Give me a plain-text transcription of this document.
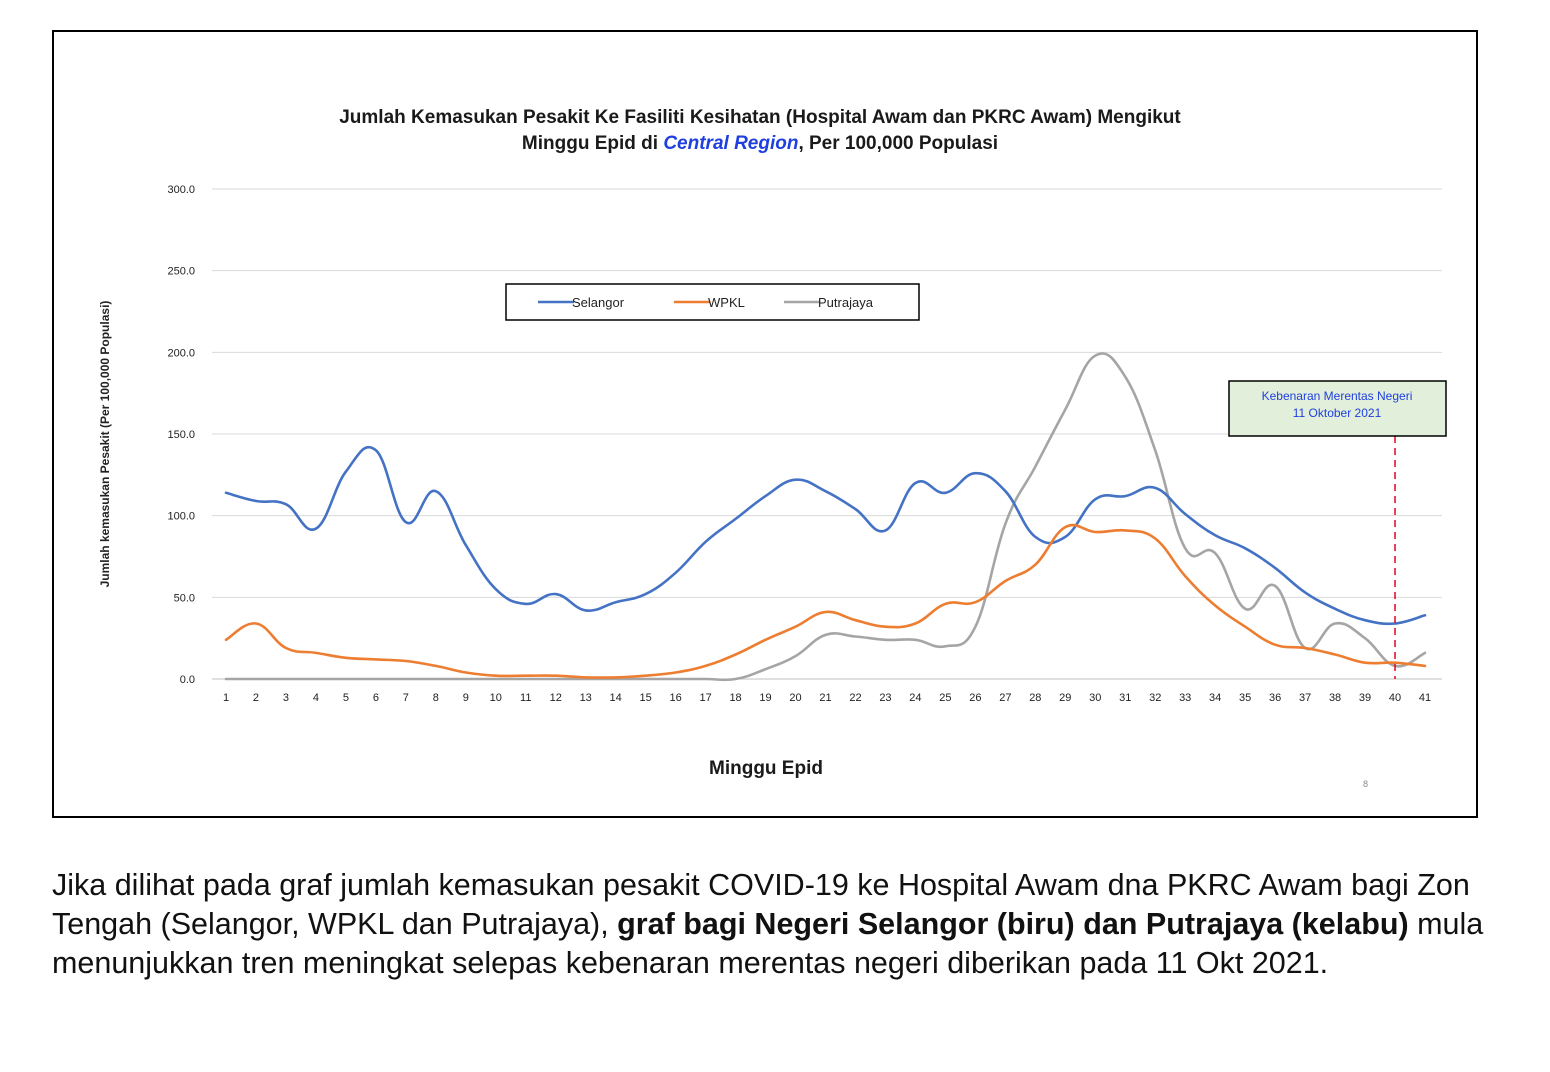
Jumlah Kemasukan Pesakit Ke Fasiliti Kesihatan (Hospital Awam dan PKRC Awam) Mengikut
Minggu Epid di Central Region, Per 100,000 Populasi
0.0
50.0
100.0
150.0
200.0
250.0
300.0
1 2 3 4 5 6 7 8 9 10 11 12 13 14 15 16 17 18 19 20 21 22 23 24 25 26 27 28 29 30 31 32 33 34 35 36 37 38 39 40 41
Jumlah kemasukan Pesakit (Per 100,000 Populasi)
Minggu Epid
Kebenaran Merentas Negeri
11 Oktober 2021
Selangor	WPKL	Putrajaya
8
Jika dilihat pada graf jumlah kemasukan pesakit COVID-19 ke Hospital Awam dna PKRC Awam bagi Zon Tengah (Selangor, WPKL dan Putrajaya), graf bagi Negeri Selangor (biru) dan Putrajaya (kelabu) mula menunjukkan tren meningkat selepas kebenaran merentas negeri diberikan pada 11 Okt 2021.
